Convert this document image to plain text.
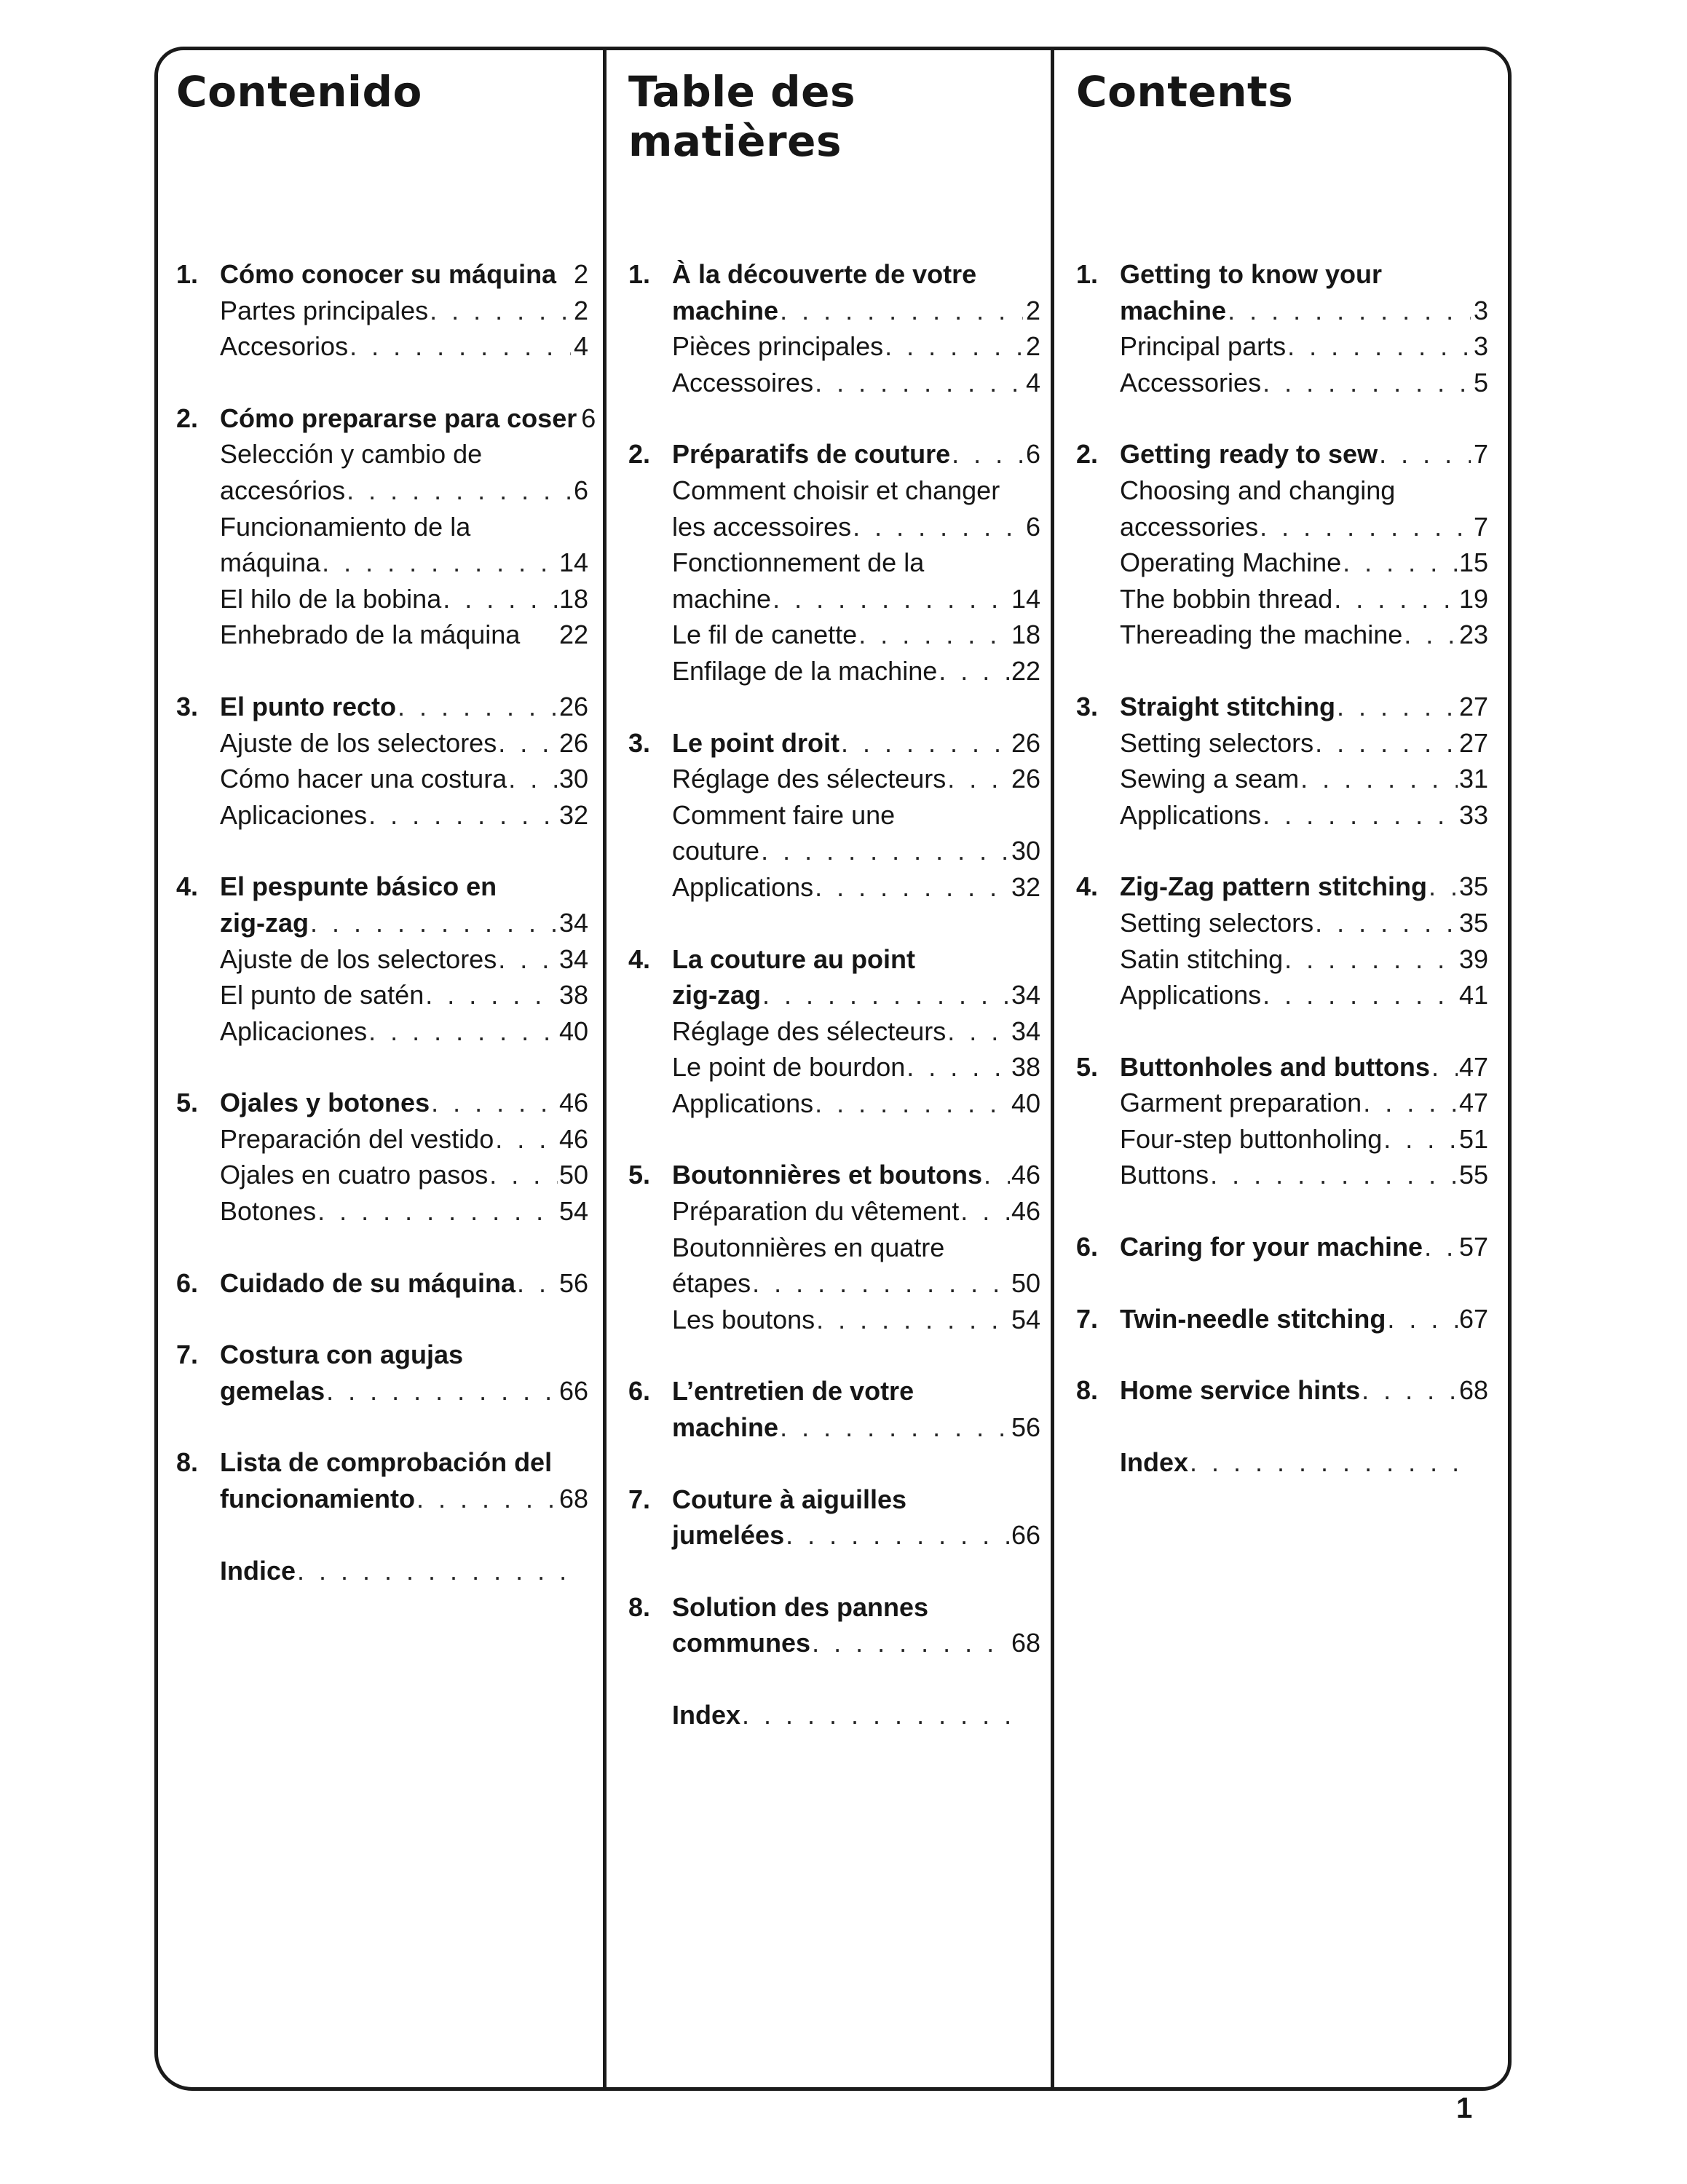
Contenido
1. Cómo conocer su máquina 2
Partes principales . . .	2
Accesorios . . .	4
2. Cómo prepararse para coser 6
Selección y cambio de
accesórios . . .	6
Funcionamiento de la
máquina . . .	14
El hilo de la bobina . . .	18
Enhebrado de la máquina 22
3. El punto recto . . .	26
Ajuste de los selectores . . . 26
Cómo hacer una costura . . . 30
Aplicaciones . . .	32
4. El pespunte básico en
zig-zag . . .	34
Ajuste de los selectores . . . 34
El punto de satén . . .	38
Aplicaciones . . .	40
5. Ojales y botones . . .	46
Preparación del vestido . . . 46
Ojales en cuatro pasos . . .	50
Botones . . .	54
6. Cuidado de su máquina . . . 56
7. Costura con agujas
gemelas . . .	66
8. Lista de comprobación del
funcionamiento . . .	68
Indice
. . .
Table des matières
1. À la découverte de votre
machine . . .	2
Pièces principales . . .	2
Accessoires . . .	4
2. Préparatifs de couture . . .	6
Comment choisir et changer
les accessoires . . .	6
Fonctionnement de la
machine . . .	14
Le fil de canette . . .	18
Enfilage de la machine . . .	22
3. Le point droit . . .	26
Réglage des sélecteurs . . . 26
Comment faire une
couture . . .	30
Applications . . .	32
4. La couture au point
zig-zag . . .	34
Réglage des sélecteurs . . . 34
Le point de bourdon . . .	38
Applications . . .	40
5. Boutonnières et boutons . . . 46
Préparation du vêtement . . . 46
Boutonnières en quatre
étapes . . .	50
Les boutons . . .	54
6. L’entretien de votre
machine . . .	56
7. Couture à aiguilles
jumelées . . .	66
8. Solution des pannes
communes . . .	68
Index
. . .
Contents
1. Getting to know your
machine . . .	3
Principal parts . . .	3
Accessories . . .	5
2. Getting ready to sew . . .	7
Choosing and changing
accessories . . .	7
Operating Machine . . .	15
The bobbin thread . . .	19
Thereading the machine . . . 23
3. Straight stitching . . .	27
Setting selectors . . .	27
Sewing a seam . . .	31
Applications . . .	33
4. Zig-Zag pattern stitching . . . 35
Setting selectors . . .	35
Satin stitching . . .	39
Applications . . .	41
5. Buttonholes and buttons . . . 47
Garment preparation . . .	47
Four-step buttonholing . . .	51
Buttons . . .	55
6. Caring for your machine . . . 57
7. Twin-needle stitching . . .	67
8. Home service hints . . .	68
Index
. . .

1
